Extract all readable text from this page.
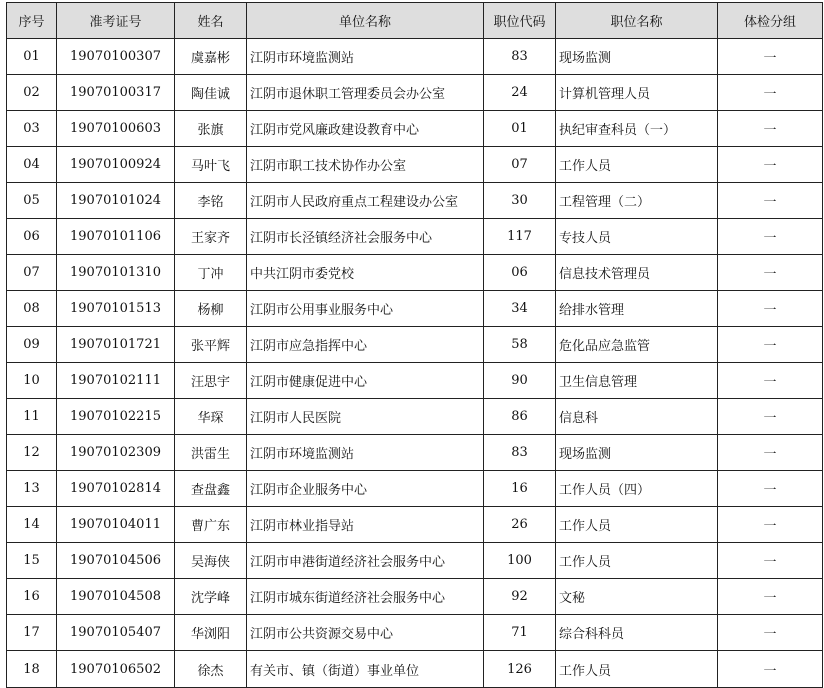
序号	准考证号	姓名	单位名称	职位代码	职位名称	体检分组
01	19070100307	虞嘉彬	江阴市环境监测站	83	现场监测	一
02	19070100317	陶佳诚	江阴市退休职工管理委员会办公室	24	计算机管理人员	一
03	19070100603	张旗	江阴市党风廉政建设教育中心	01	执纪审查科员（一）	一
04	19070100924	马叶飞	江阴市职工技术协作办公室	07	工作人员	一
05	19070101024	李铭	江阴市人民政府重点工程建设办公室	30	工程管理（二）	一
06	19070101106	王家齐	江阴市长泾镇经济社会服务中心	117	专技人员	一
07	19070101310	丁冲	中共江阴市委党校	06	信息技术管理员	一
08	19070101513	杨柳	江阴市公用事业服务中心	34	给排水管理	一
09	19070101721	张平辉	江阴市应急指挥中心	58	危化品应急监管	一
10	19070102111	汪思宇	江阴市健康促进中心	90	卫生信息管理	一
11	19070102215	华琛	江阴市人民医院	86	信息科	一
12	19070102309	洪雷生	江阴市环境监测站	83	现场监测	一
13	19070102814	查盘鑫	江阴市企业服务中心	16	工作人员（四）	一
14	19070104011	曹广东	江阴市林业指导站	26	工作人员	一
15	19070104506	吴海侠	江阴市申港街道经济社会服务中心	100	工作人员	一
16	19070104508	沈学峰	江阴市城东街道经济社会服务中心	92	文秘	一
17	19070105407	华浏阳	江阴市公共资源交易中心	71	综合科科员	一
18	19070106502	徐杰	有关市、镇（街道）事业单位	126	工作人员	一
